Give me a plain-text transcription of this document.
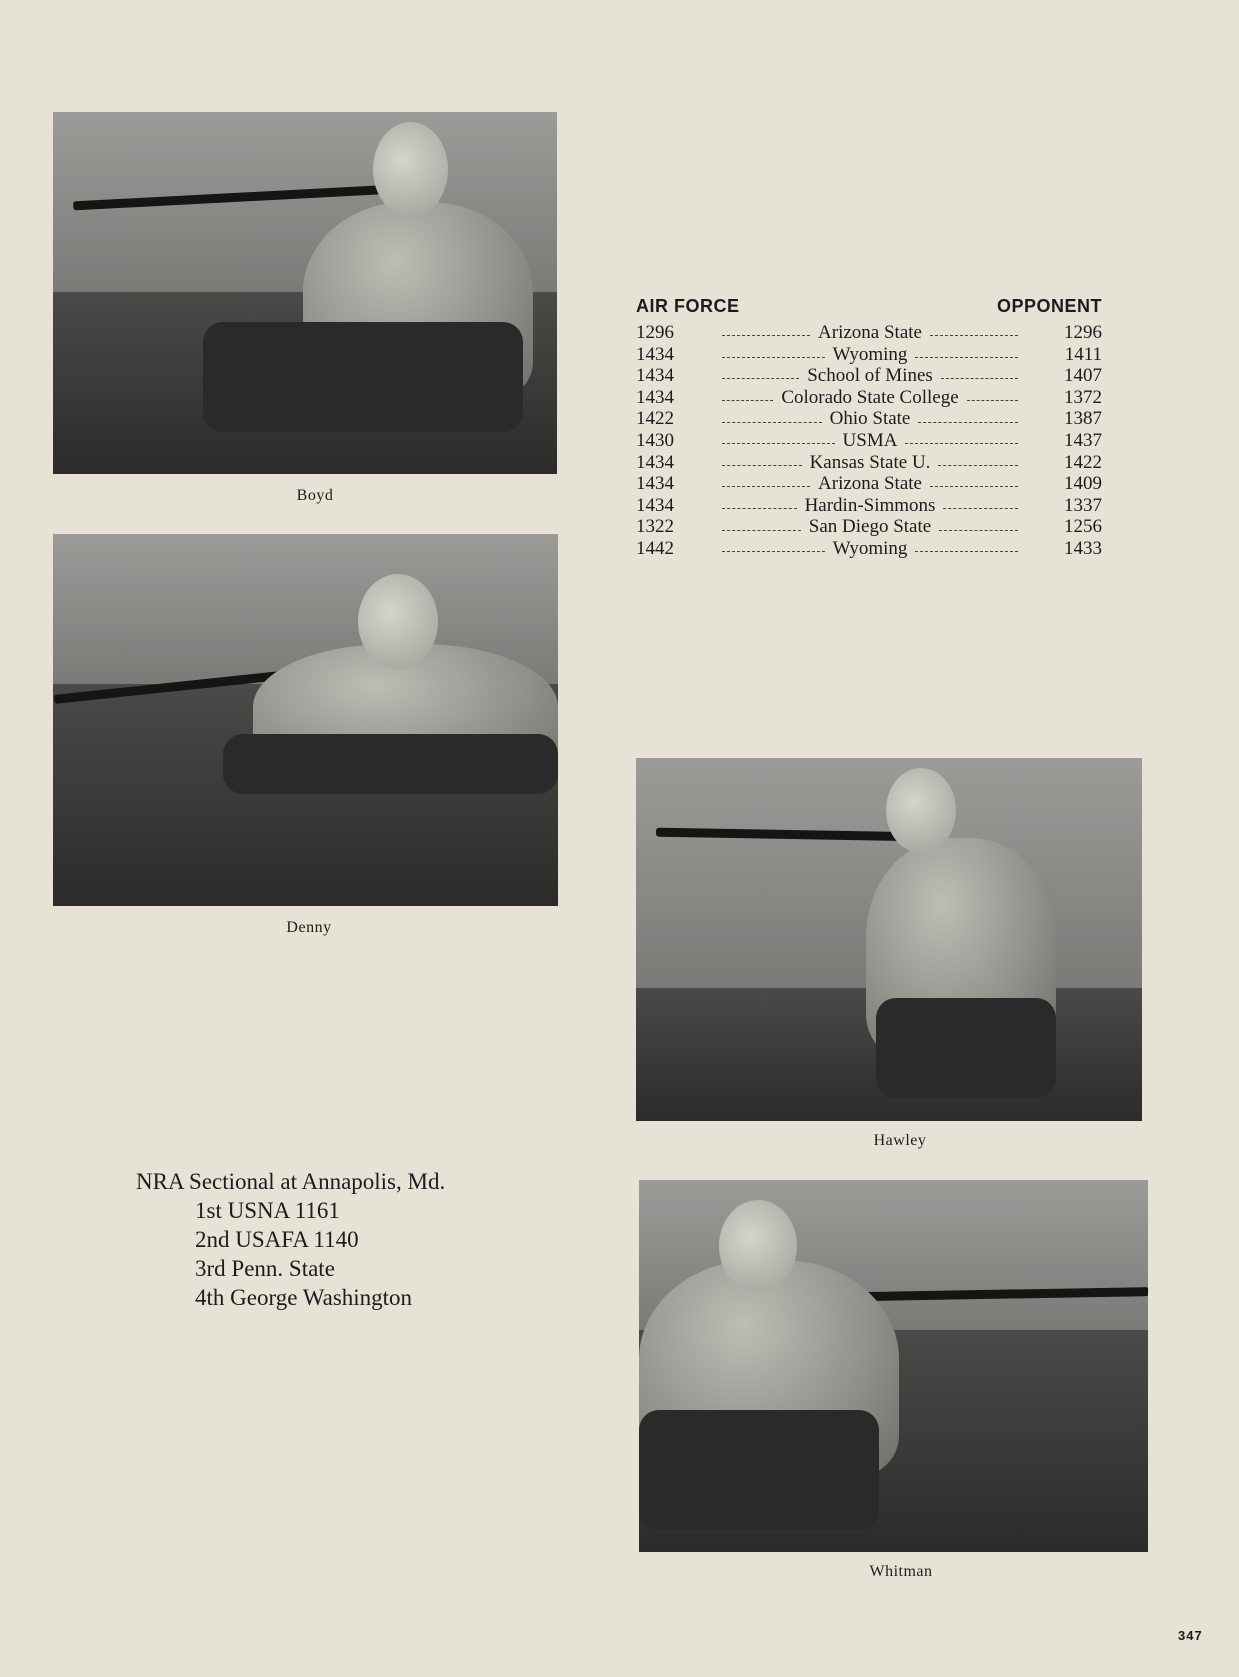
Boyd
Denny
Hawley
Whitman
AIR FORCE	OPPONENT
1296	Arizona State	1296
1434	Wyoming	1411
1434	School of Mines	1407
1434	Colorado State College	1372
1422	Ohio State	1387
1430	USMA	1437
1434	Kansas State U.	1422
1434	Arizona State	1409
1434	Hardin-Simmons	1337
1322	San Diego State	1256
1442	Wyoming	1433
NRA Sectional at Annapolis, Md.
1st USNA 1161
2nd USAFA 1140
3rd Penn. State
4th George Washington
347
